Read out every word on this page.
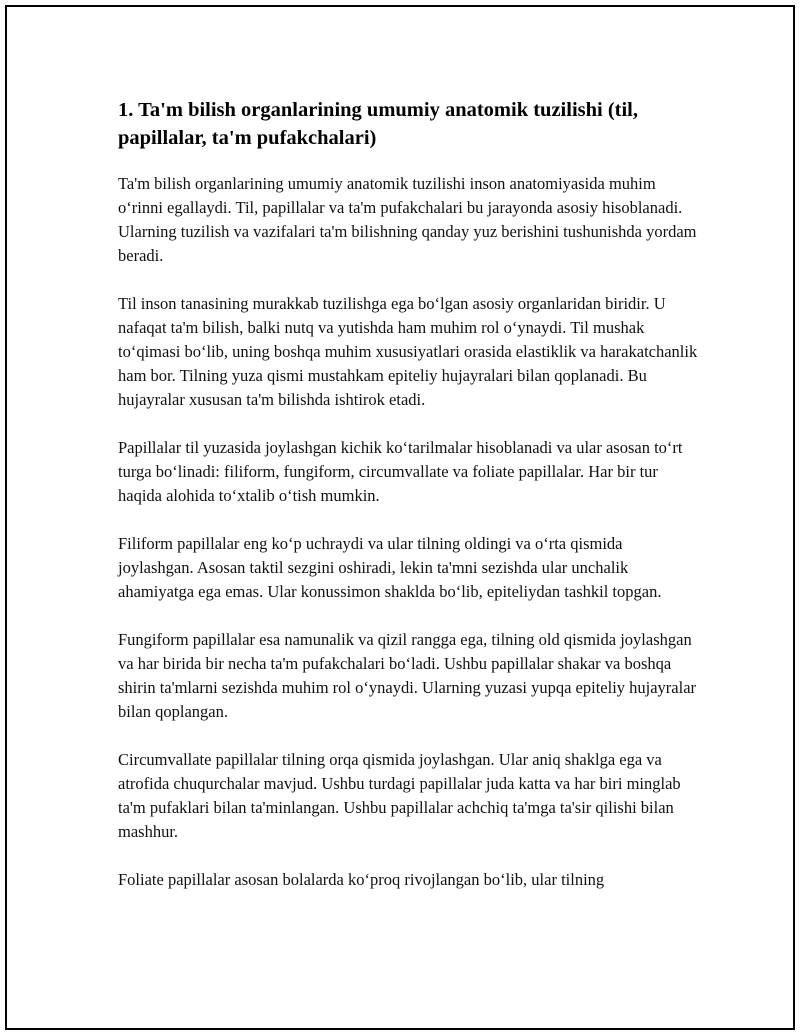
1. Ta'm bilish organlarining umumiy anatomik tuzilishi (til, papillalar, ta'm pufakchalari)

Ta'm bilish organlarining umumiy anatomik tuzilishi inson anatomiyasida muhim oʻrinni egallaydi. Til, papillalar va ta'm pufakchalari bu jarayonda asosiy hisoblanadi. Ularning tuzilish va vazifalari ta'm bilishning qanday yuz berishini tushunishda yordam beradi.

Til inson tanasining murakkab tuzilishga ega boʻlgan asosiy organlaridan biridir. U nafaqat ta'm bilish, balki nutq va yutishda ham muhim rol oʻynaydi. Til mushak toʻqimasi boʻlib, uning boshqa muhim xususiyatlari orasida elastiklik va harakatchanlik ham bor. Tilning yuza qismi mustahkam epiteliy hujayralari bilan qoplanadi. Bu hujayralar xususan ta'm bilishda ishtirok etadi.

Papillalar til yuzasida joylashgan kichik koʻtarilmalar hisoblanadi va ular asosan toʻrt turga boʻlinadi: filiform, fungiform, circumvallate va foliate papillalar. Har bir tur haqida alohida toʻxtalib oʻtish mumkin.

Filiform papillalar eng koʻp uchraydi va ular tilning oldingi va oʻrta qismida joylashgan. Asosan taktil sezgini oshiradi, lekin ta'mni sezishda ular unchalik ahamiyatga ega emas. Ular konussimon shaklda boʻlib, epiteliydan tashkil topgan.

Fungiform papillalar esa namunalik va qizil rangga ega, tilning old qismida joylashgan va har birida bir necha ta'm pufakchalari boʻladi. Ushbu papillalar shakar va boshqa shirin ta'mlarni sezishda muhim rol oʻynaydi. Ularning yuzasi yupqa epiteliy hujayralar bilan qoplangan.

Circumvallate papillalar tilning orqa qismida joylashgan. Ular aniq shaklga ega va atrofida chuqurchalar mavjud. Ushbu turdagi papillalar juda katta va har biri minglab ta'm pufaklari bilan ta'minlangan. Ushbu papillalar achchiq ta'mga ta'sir qilishi bilan mashhur.

Foliate papillalar asosan bolalarda koʻproq rivojlangan boʻlib, ular tilning
